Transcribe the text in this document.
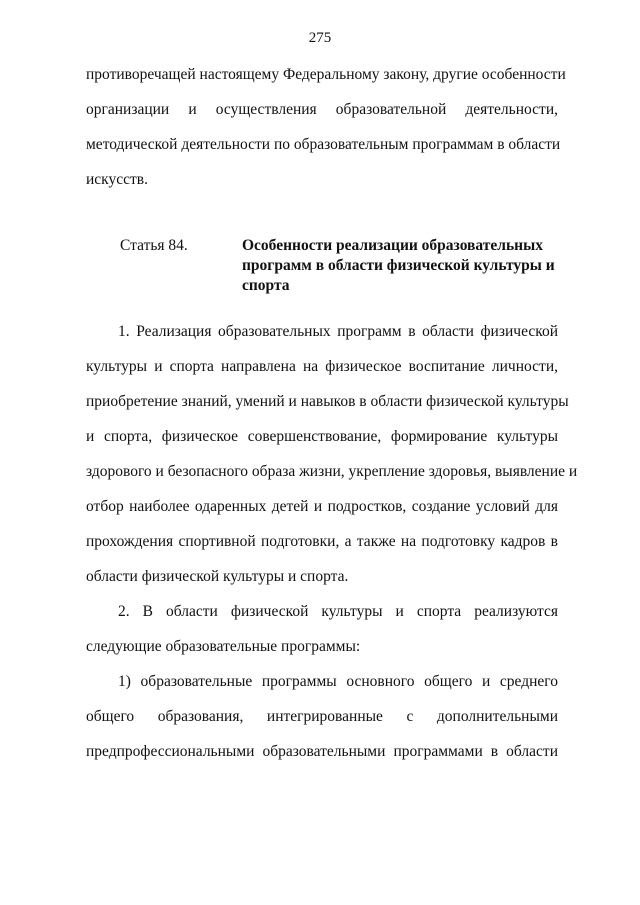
275
противоречащей настоящему Федеральному закону, другие особенности
организации и осуществления образовательной деятельности,
методической деятельности по образовательным программам в области
искусств.
Статья 84.	Особенности реализации образовательных
программ в области физической культуры и
спорта
1. Реализация образовательных программ в области физической
культуры и спорта направлена на физическое воспитание личности,
приобретение знаний, умений и навыков в области физической культуры
и спорта, физическое совершенствование, формирование культуры
здорового и безопасного образа жизни, укрепление здоровья, выявление и
отбор наиболее одаренных детей и подростков, создание условий для
прохождения спортивной подготовки, а также на подготовку кадров в
области физической культуры и спорта.
2. В области физической культуры и спорта реализуются
следующие образовательные программы:
1) образовательные программы основного общего и среднего
общего образования, интегрированные с дополнительными
предпрофессиональными образовательными программами в области
